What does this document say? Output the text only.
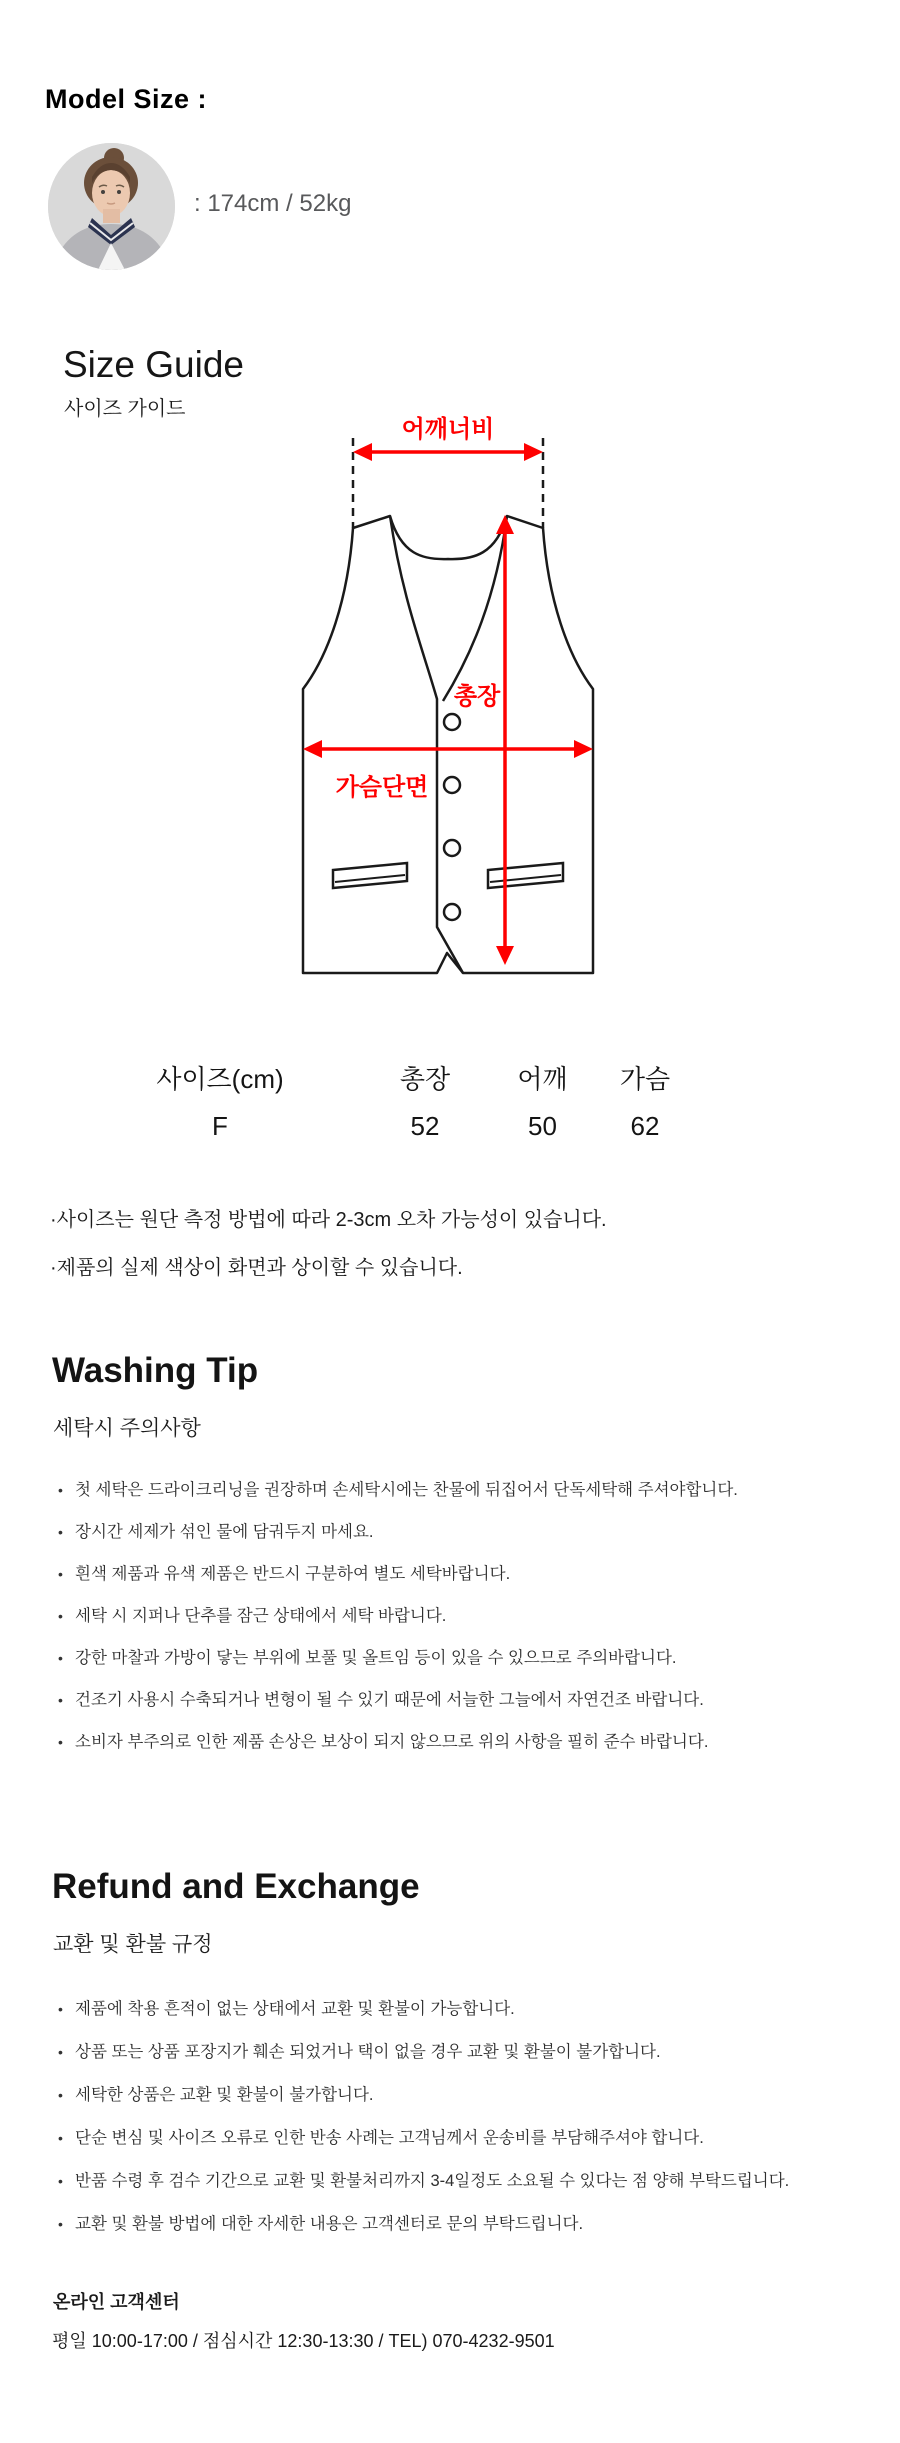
Model Size :
: 174cm / 52kg
Size Guide
사이즈 가이드
어깨너비
가슴단면
총장
사이즈(cm)	총장	어깨	가슴
F	52	50	62
·사이즈는 원단 측정 방법에 따라 2-3cm 오차 가능성이 있습니다.
·제품의 실제 색상이 화면과 상이할 수 있습니다.
Washing Tip
세탁시 주의사항
• 첫 세탁은 드라이크리닝을 권장하며 손세탁시에는 찬물에 뒤집어서 단독세탁해 주셔야합니다.
• 장시간 세제가 섞인 물에 담궈두지 마세요.
• 흰색 제품과 유색 제품은 반드시 구분하여 별도 세탁바랍니다.
• 세탁 시 지퍼나 단추를 잠근 상태에서 세탁 바랍니다.
• 강한 마찰과 가방이 닿는 부위에 보풀 및 올트임 등이 있을 수 있으므로 주의바랍니다.
• 건조기 사용시 수축되거나 변형이 될 수 있기 때문에 서늘한 그늘에서 자연건조 바랍니다.
• 소비자 부주의로 인한 제품 손상은 보상이 되지 않으므로 위의 사항을 필히 준수 바랍니다.
Refund and Exchange
교환 및 환불 규정
• 제품에 착용 흔적이 없는 상태에서 교환 및 환불이 가능합니다.
• 상품 또는 상품 포장지가 훼손 되었거나 택이 없을 경우 교환 및 환불이 불가합니다.
• 세탁한 상품은 교환 및 환불이 불가합니다.
• 단순 변심 및 사이즈 오류로 인한 반송 사례는 고객님께서 운송비를 부담해주셔야 합니다.
• 반품 수령 후 검수 기간으로 교환 및 환불처리까지 3-4일정도 소요될 수 있다는 점 양해 부탁드립니다.
• 교환 및 환불 방법에 대한 자세한 내용은 고객센터로 문의 부탁드립니다.
온라인 고객센터
평일 10:00-17:00 / 점심시간 12:30-13:30 / TEL) 070-4232-9501
